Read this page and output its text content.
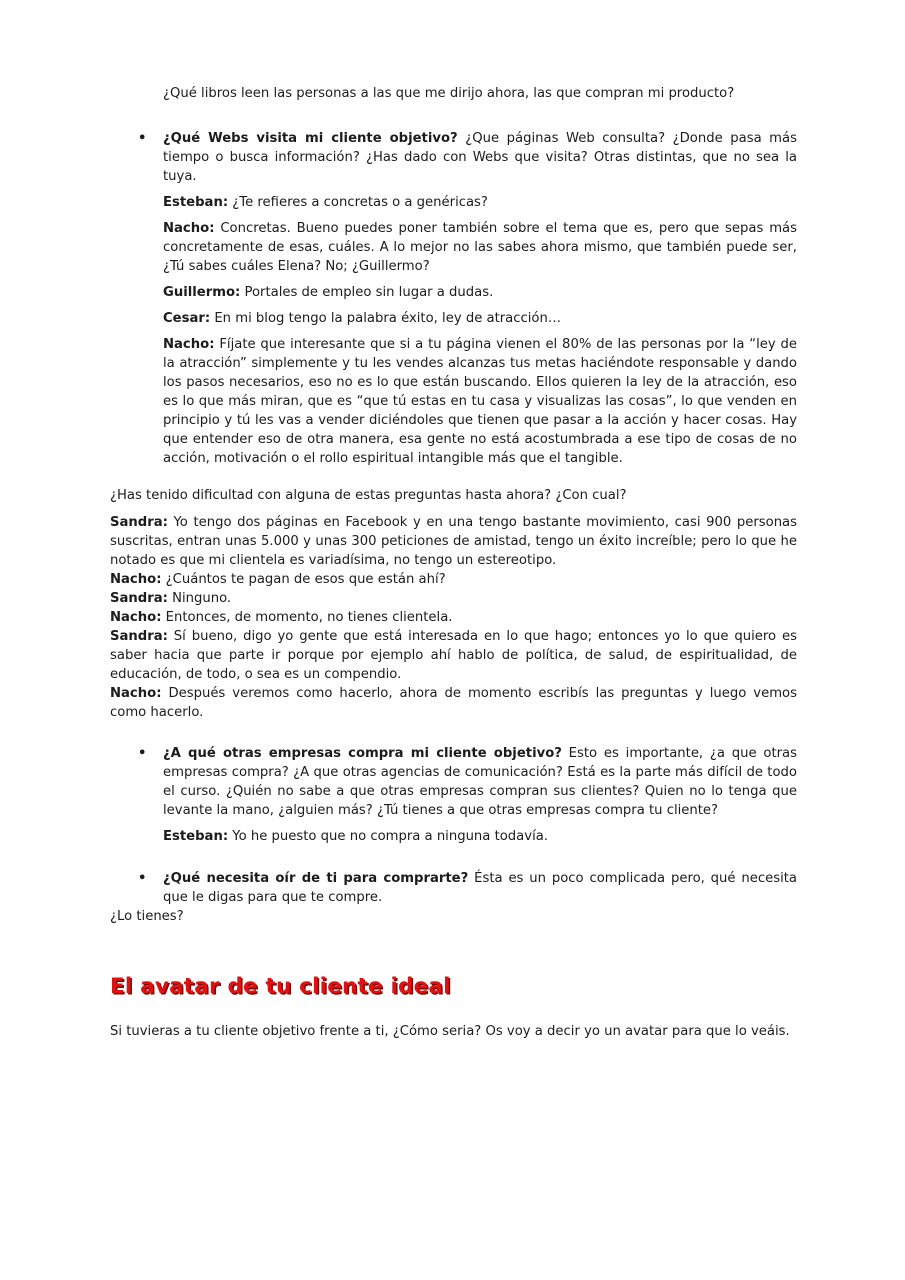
¿Qué libros leen las personas a las que me dirijo ahora, las que compran mi producto?

•	¿Qué Webs visita mi cliente objetivo? ¿Que páginas Web consulta? ¿Donde pasa más tiempo o busca información? ¿Has dado con Webs que visita? Otras distintas, que no sea la tuya.

Esteban: ¿Te refieres a concretas o a genéricas?

Nacho: Concretas. Bueno puedes poner también sobre el tema que es, pero que sepas más concretamente de esas, cuáles. A lo mejor no las sabes ahora mismo, que también puede ser, ¿Tú sabes cuáles Elena? No; ¿Guillermo?

Guillermo: Portales de empleo sin lugar a dudas.

Cesar: En mi blog tengo la palabra éxito, ley de atracción…

Nacho: Fíjate que interesante que si a tu página vienen el 80% de las personas por la “ley de la atracción” simplemente y tu les vendes alcanzas tus metas haciéndote responsable y dando los pasos necesarios, eso no es lo que están buscando. Ellos quieren la ley de la atracción, eso es lo que más miran, que es “que tú estas en tu casa y visualizas las cosas”, lo que venden en principio y tú les vas a vender diciéndoles que tienen que pasar a la acción y hacer cosas. Hay que entender eso de otra manera, esa gente no está acostumbrada a ese tipo de cosas de no acción, motivación o el rollo espiritual intangible más que el tangible.

¿Has tenido dificultad con alguna de estas preguntas hasta ahora? ¿Con cual?

Sandra: Yo tengo dos páginas en Facebook y en una tengo bastante movimiento, casi 900 personas suscritas, entran unas 5.000 y unas 300 peticiones de amistad, tengo un éxito increíble; pero lo que he notado es que mi clientela es variadísima, no tengo un estereotipo.

Nacho: ¿Cuántos te pagan de esos que están ahí?

Sandra: Ninguno.

Nacho: Entonces, de momento, no tienes clientela.

Sandra: Sí bueno, digo yo gente que está interesada en lo que hago; entonces yo lo que quiero es saber hacia que parte ir porque por ejemplo ahí hablo de política, de salud, de espiritualidad, de educación, de todo, o sea es un compendio.

Nacho: Después veremos como hacerlo, ahora de momento escribís las preguntas y luego vemos como hacerlo.

•	¿A qué otras empresas compra mi cliente objetivo? Esto es importante, ¿a que otras empresas compra? ¿A que otras agencias de comunicación? Está es la parte más difícil de todo el curso. ¿Quién no sabe a que otras empresas compran sus clientes? Quien no lo tenga que levante la mano, ¿alguien más? ¿Tú tienes a que otras empresas compra tu cliente?

Esteban: Yo he puesto que no compra a ninguna todavía.

•	¿Qué necesita oír de ti para comprarte? Ésta es un poco complicada pero, qué necesita que le digas para que te compre.

¿Lo tienes?

El avatar de tu cliente ideal

Si tuvieras a tu cliente objetivo frente a ti, ¿Cómo seria? Os voy a decir yo un avatar para que lo veáis.
